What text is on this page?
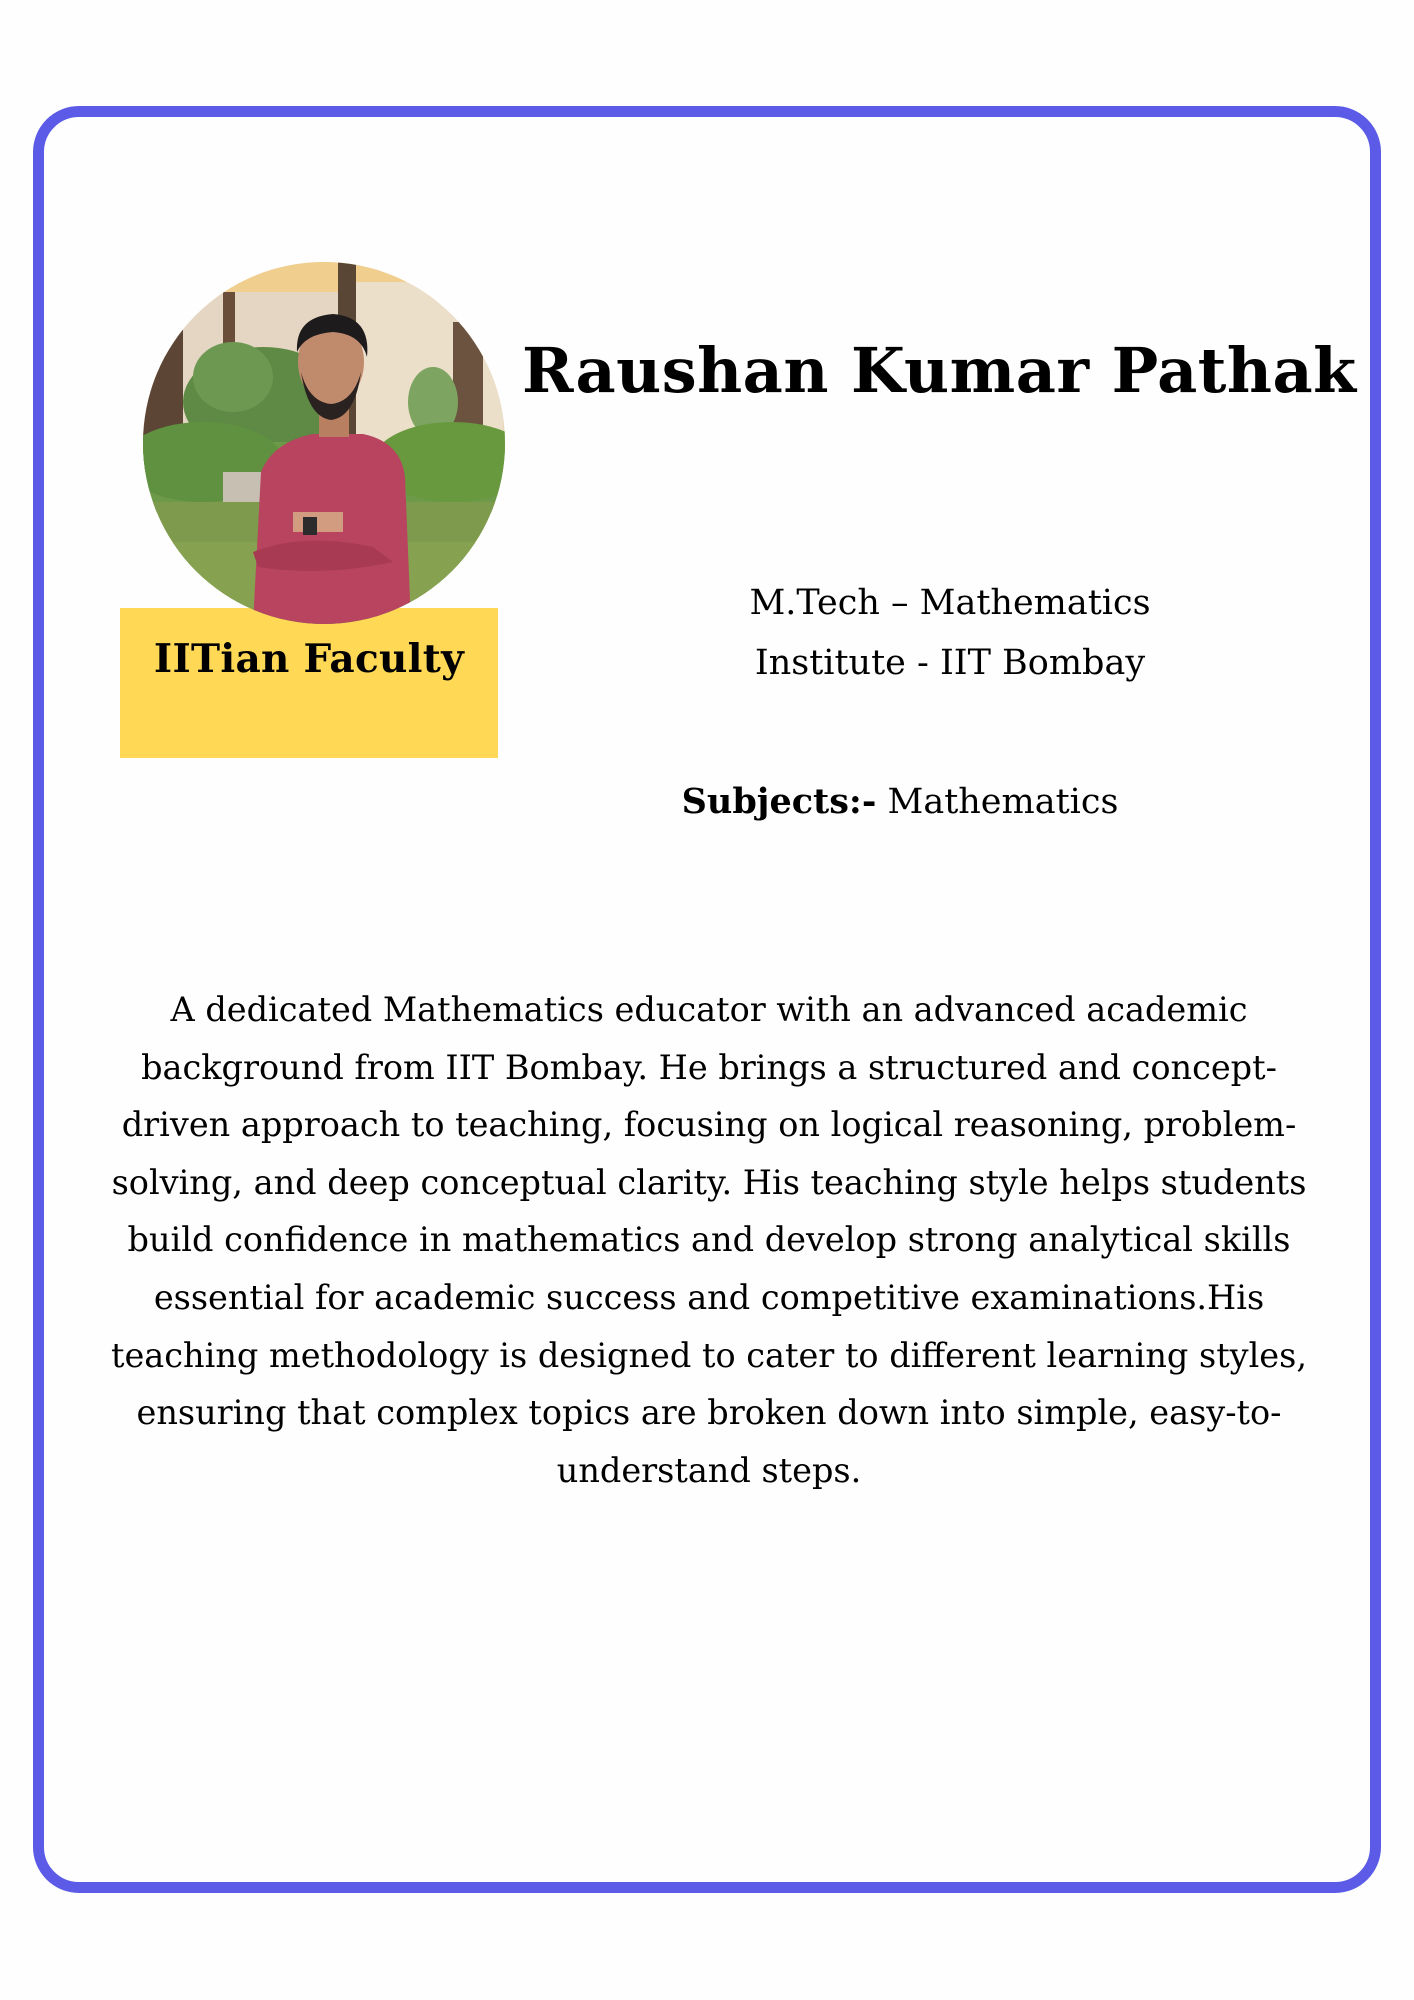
IITian Faculty
Raushan Kumar Pathak
M.Tech – Mathematics
Institute - IIT Bombay
Subjects:- Mathematics
A dedicated Mathematics educator with an advanced academic
background from IIT Bombay. He brings a structured and concept-
driven approach to teaching, focusing on logical reasoning, problem-
solving, and deep conceptual clarity. His teaching style helps students
build confidence in mathematics and develop strong analytical skills
essential for academic success and competitive examinations.His
teaching methodology is designed to cater to different learning styles,
ensuring that complex topics are broken down into simple, easy-to-
understand steps.
